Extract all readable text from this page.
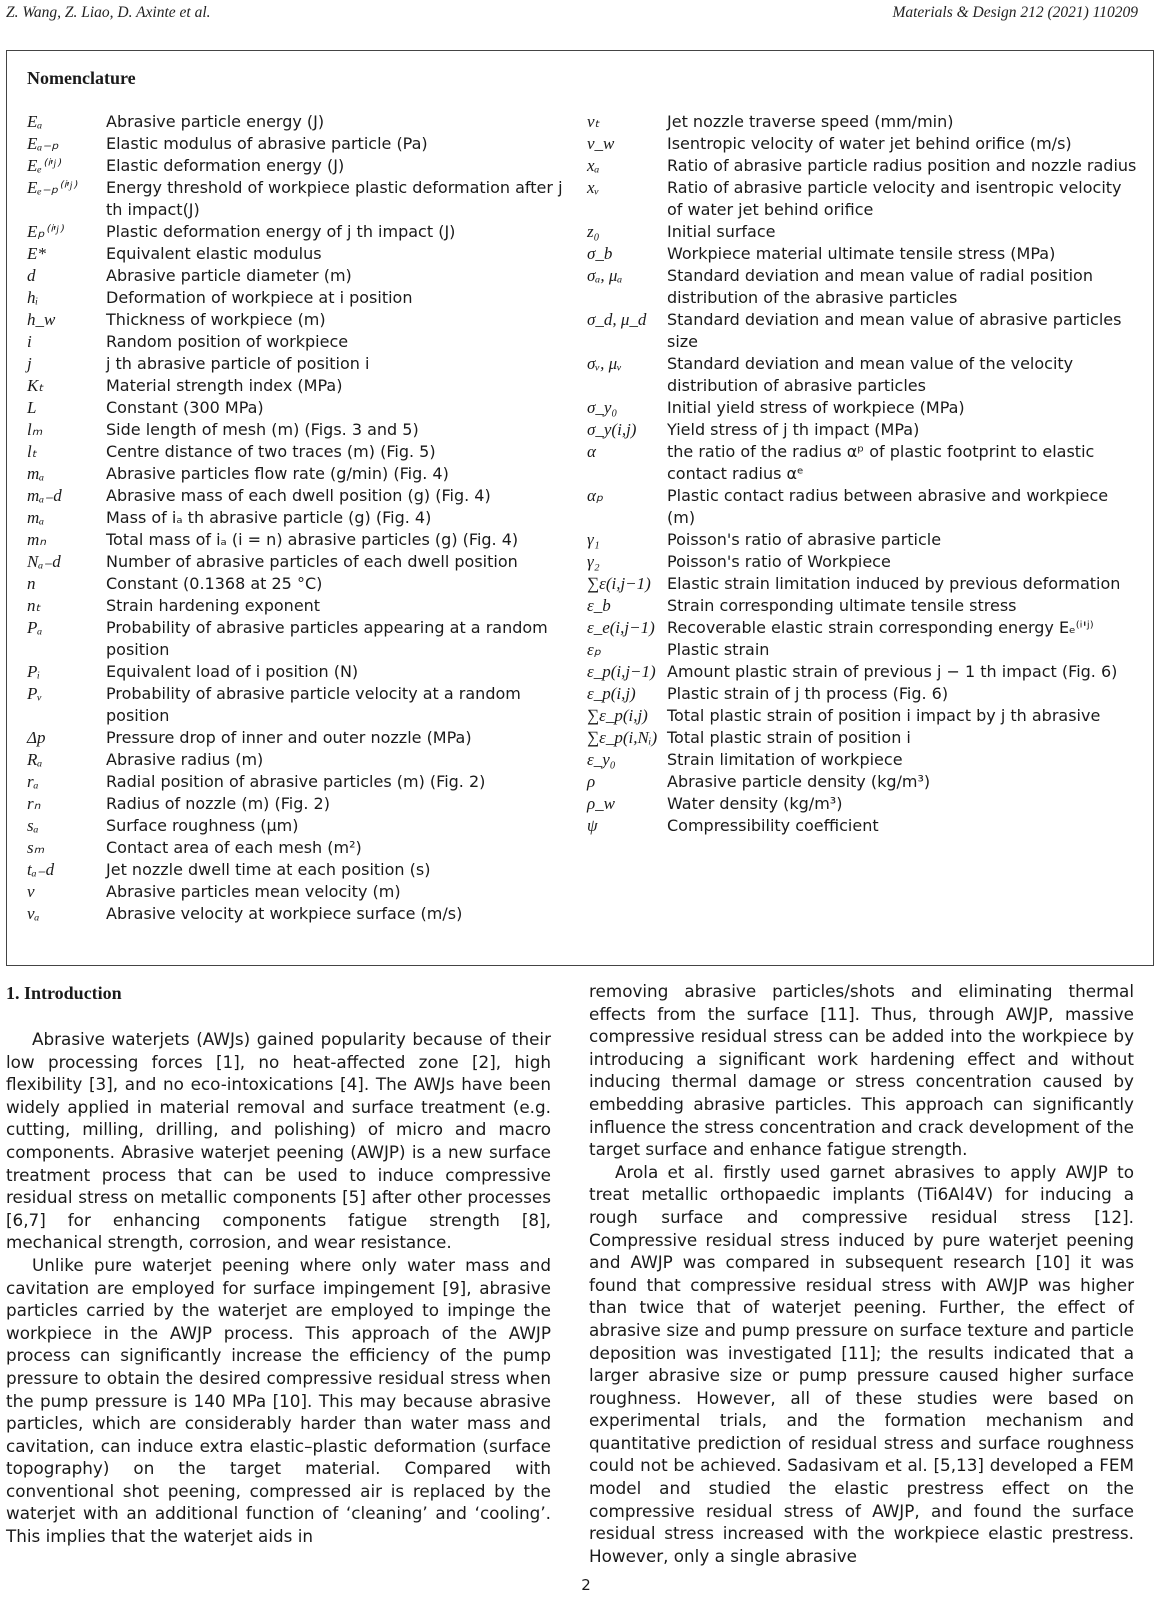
Z. Wang, Z. Liao, D. Axinte et al.	Materials & Design 212 (2021) 110209
Nomenclature
Eₐ	Abrasive particle energy (J)
Eₐ₋ₚ	Elastic modulus of abrasive particle (Pa)
Eₑ⁽ⁱ'ʲ⁾	Elastic deformation energy (J)
Eₑ₋ₚ⁽ⁱ'ʲ⁾ Energy threshold of workpiece plastic deformation after j th impact(J)
Eₚ⁽ⁱ'ʲ⁾	Plastic deformation energy of j th impact (J)
E*	Equivalent elastic modulus
d	Abrasive particle diameter (m)
hᵢ	Deformation of workpiece at i position
h_w	Thickness of workpiece (m)
i	Random position of workpiece
j	j th abrasive particle of position i
Kₜ	Material strength index (MPa)
L	Constant (300 MPa)
lₘ	Side length of mesh (m) (Figs. 3 and 5)
lₜ	Centre distance of two traces (m) (Fig. 5)
mₐ	Abrasive particles flow rate (g/min) (Fig. 4)
mₐ₋d	Abrasive mass of each dwell position (g) (Fig. 4)
mₐ	Mass of iₐ th abrasive particle (g) (Fig. 4)
mₙ	Total mass of iₐ (i = n) abrasive particles (g) (Fig. 4)
Nₐ₋d	Number of abrasive particles of each dwell position
n	Constant (0.1368 at 25 °C)
nₜ	Strain hardening exponent
Pₐ	Probability of abrasive particles appearing at a random position
Pᵢ	Equivalent load of i position (N)
Pᵥ	Probability of abrasive particle velocity at a random position
Δp	Pressure drop of inner and outer nozzle (MPa)
Rₐ	Abrasive radius (m)
rₐ	Radial position of abrasive particles (m) (Fig. 2)
rₙ	Radius of nozzle (m) (Fig. 2)
sₐ	Surface roughness (μm)
sₘ	Contact area of each mesh (m²)
tₐ₋d	Jet nozzle dwell time at each position (s)
v	Abrasive particles mean velocity (m)
vₐ	Abrasive velocity at workpiece surface (m/s)
vₜ	Jet nozzle traverse speed (mm/min)
v_w	Isentropic velocity of water jet behind orifice (m/s)
xₐ	Ratio of abrasive particle radius position and nozzle radius
xᵥ	Ratio of abrasive particle velocity and isentropic velocity of water jet behind orifice
z₀	Initial surface
σ_b	Workpiece material ultimate tensile stress (MPa)
σₐ, μₐ	Standard deviation and mean value of radial position distribution of the abrasive particles
σ_d, μ_d Standard deviation and mean value of abrasive particles size
σᵥ, μᵥ	Standard deviation and mean value of the velocity distribution of abrasive particles
σ_y₀	Initial yield stress of workpiece (MPa)
σ_y(i,j) Yield stress of j th impact (MPa)
α	the ratio of the radius αᵖ of plastic footprint to elastic contact radius αᵉ
αₚ	Plastic contact radius between abrasive and workpiece (m)
γ₁	Poisson's ratio of abrasive particle
γ₂	Poisson's ratio of Workpiece
∑ε(i,j−1) Elastic strain limitation induced by previous deformation
ε_b	Strain corresponding ultimate tensile stress
ε_e(i,j−1) Recoverable elastic strain corresponding energy Eₑ⁽ⁱ'ʲ⁾
εₚ	Plastic strain
ε_p(i,j−1) Amount plastic strain of previous j − 1 th impact (Fig. 6)
ε_p(i,j) Plastic strain of j th process (Fig. 6)
∑ε_p(i,j) Total plastic strain of position i impact by j th abrasive
∑ε_p(i,Nᵢ) Total plastic strain of position i
ε_y₀	Strain limitation of workpiece
ρ	Abrasive particle density (kg/m³)
ρ_w	Water density (kg/m³)
ψ	Compressibility coefficient
1. Introduction

Abrasive waterjets (AWJs) gained popularity because of their low processing forces [1], no heat-affected zone [2], high flexibility [3], and no eco-intoxications [4]. The AWJs have been widely applied in material removal and surface treatment (e.g. cutting, milling, drilling, and polishing) of micro and macro components. Abrasive waterjet peening (AWJP) is a new surface treatment process that can be used to induce compressive residual stress on metallic components [5] after other processes [6,7] for enhancing components fatigue strength [8], mechanical strength, corrosion, and wear resistance.

Unlike pure waterjet peening where only water mass and cavitation are employed for surface impingement [9], abrasive particles carried by the waterjet are employed to impinge the workpiece in the AWJP process. This approach of the AWJP process can significantly increase the efficiency of the pump pressure to obtain the desired compressive residual stress when the pump pressure is 140 MPa [10]. This may because abrasive particles, which are considerably harder than water mass and cavitation, can induce extra elastic–plastic deformation (surface topography) on the target material. Compared with conventional shot peening, compressed air is replaced by the waterjet with an additional function of ‘cleaning’ and ‘cooling’. This implies that the waterjet aids in

removing abrasive particles/shots and eliminating thermal effects from the surface [11]. Thus, through AWJP, massive compressive residual stress can be added into the workpiece by introducing a significant work hardening effect and without inducing thermal damage or stress concentration caused by embedding abrasive particles. This approach can significantly influence the stress concentration and crack development of the target surface and enhance fatigue strength.

Arola et al. firstly used garnet abrasives to apply AWJP to treat metallic orthopaedic implants (Ti6Al4V) for inducing a rough surface and compressive residual stress [12]. Compressive residual stress induced by pure waterjet peening and AWJP was compared in subsequent research [10] it was found that compressive residual stress with AWJP was higher than twice that of waterjet peening. Further, the effect of abrasive size and pump pressure on surface texture and particle deposition was investigated [11]; the results indicated that a larger abrasive size or pump pressure caused higher surface roughness. However, all of these studies were based on experimental trials, and the formation mechanism and quantitative prediction of residual stress and surface roughness could not be achieved. Sadasivam et al. [5,13] developed a FEM model and studied the elastic prestress effect on the compressive residual stress of AWJP, and found the surface residual stress increased with the workpiece elastic prestress. However, only a single abrasive

2
